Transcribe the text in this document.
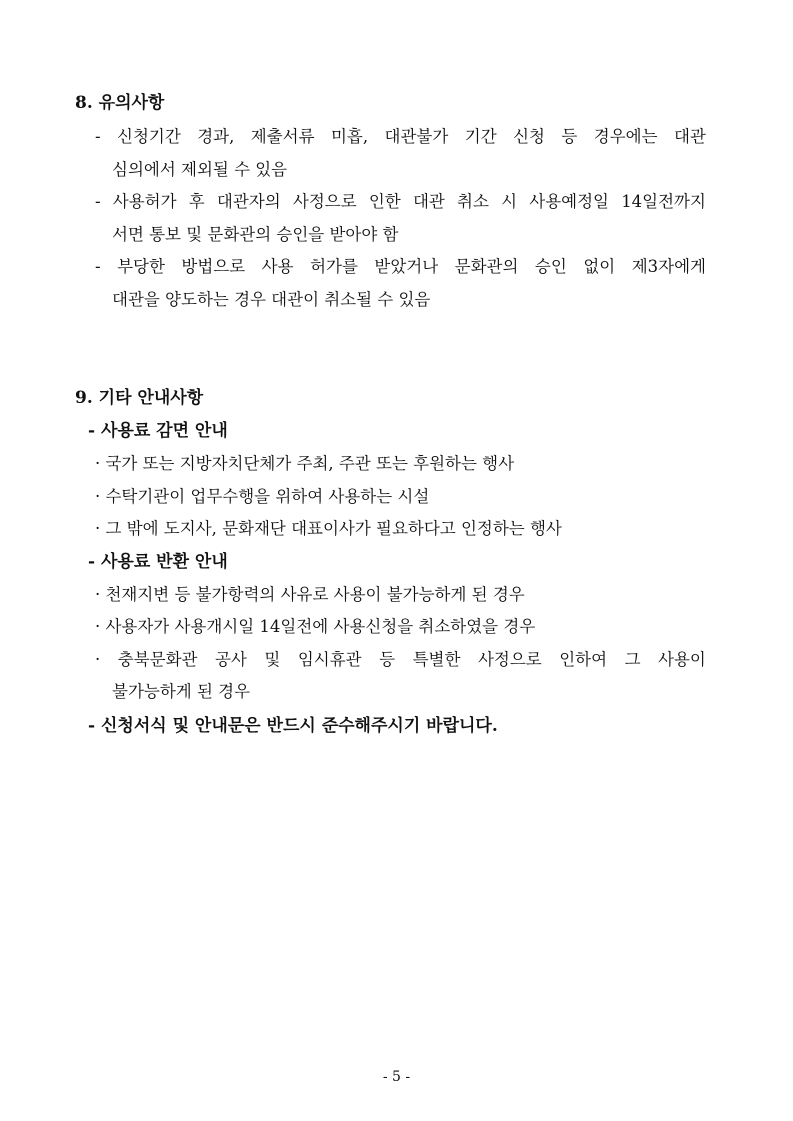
8. 유의사항
- 신청기간 경과, 제출서류 미흡, 대관불가 기간 신청 등 경우에는 대관
심의에서 제외될 수 있음
- 사용허가 후 대관자의 사정으로 인한 대관 취소 시 사용예정일 14일전까지
서면 통보 및 문화관의 승인을 받아야 함
- 부당한 방법으로 사용 허가를 받았거나 문화관의 승인 없이 제3자에게
대관을 양도하는 경우 대관이 취소될 수 있음
9. 기타 안내사항
- 사용료 감면 안내
· 국가 또는 지방자치단체가 주최, 주관 또는 후원하는 행사
· 수탁기관이 업무수행을 위하여 사용하는 시설
· 그 밖에 도지사, 문화재단 대표이사가 필요하다고 인정하는 행사
- 사용료 반환 안내
· 천재지변 등 불가항력의 사유로 사용이 불가능하게 된 경우
· 사용자가 사용개시일 14일전에 사용신청을 취소하였을 경우
· 충북문화관 공사 및 임시휴관 등 특별한 사정으로 인하여 그 사용이
불가능하게 된 경우
- 신청서식 및 안내문은 반드시 준수해주시기 바랍니다.
- 5 -
